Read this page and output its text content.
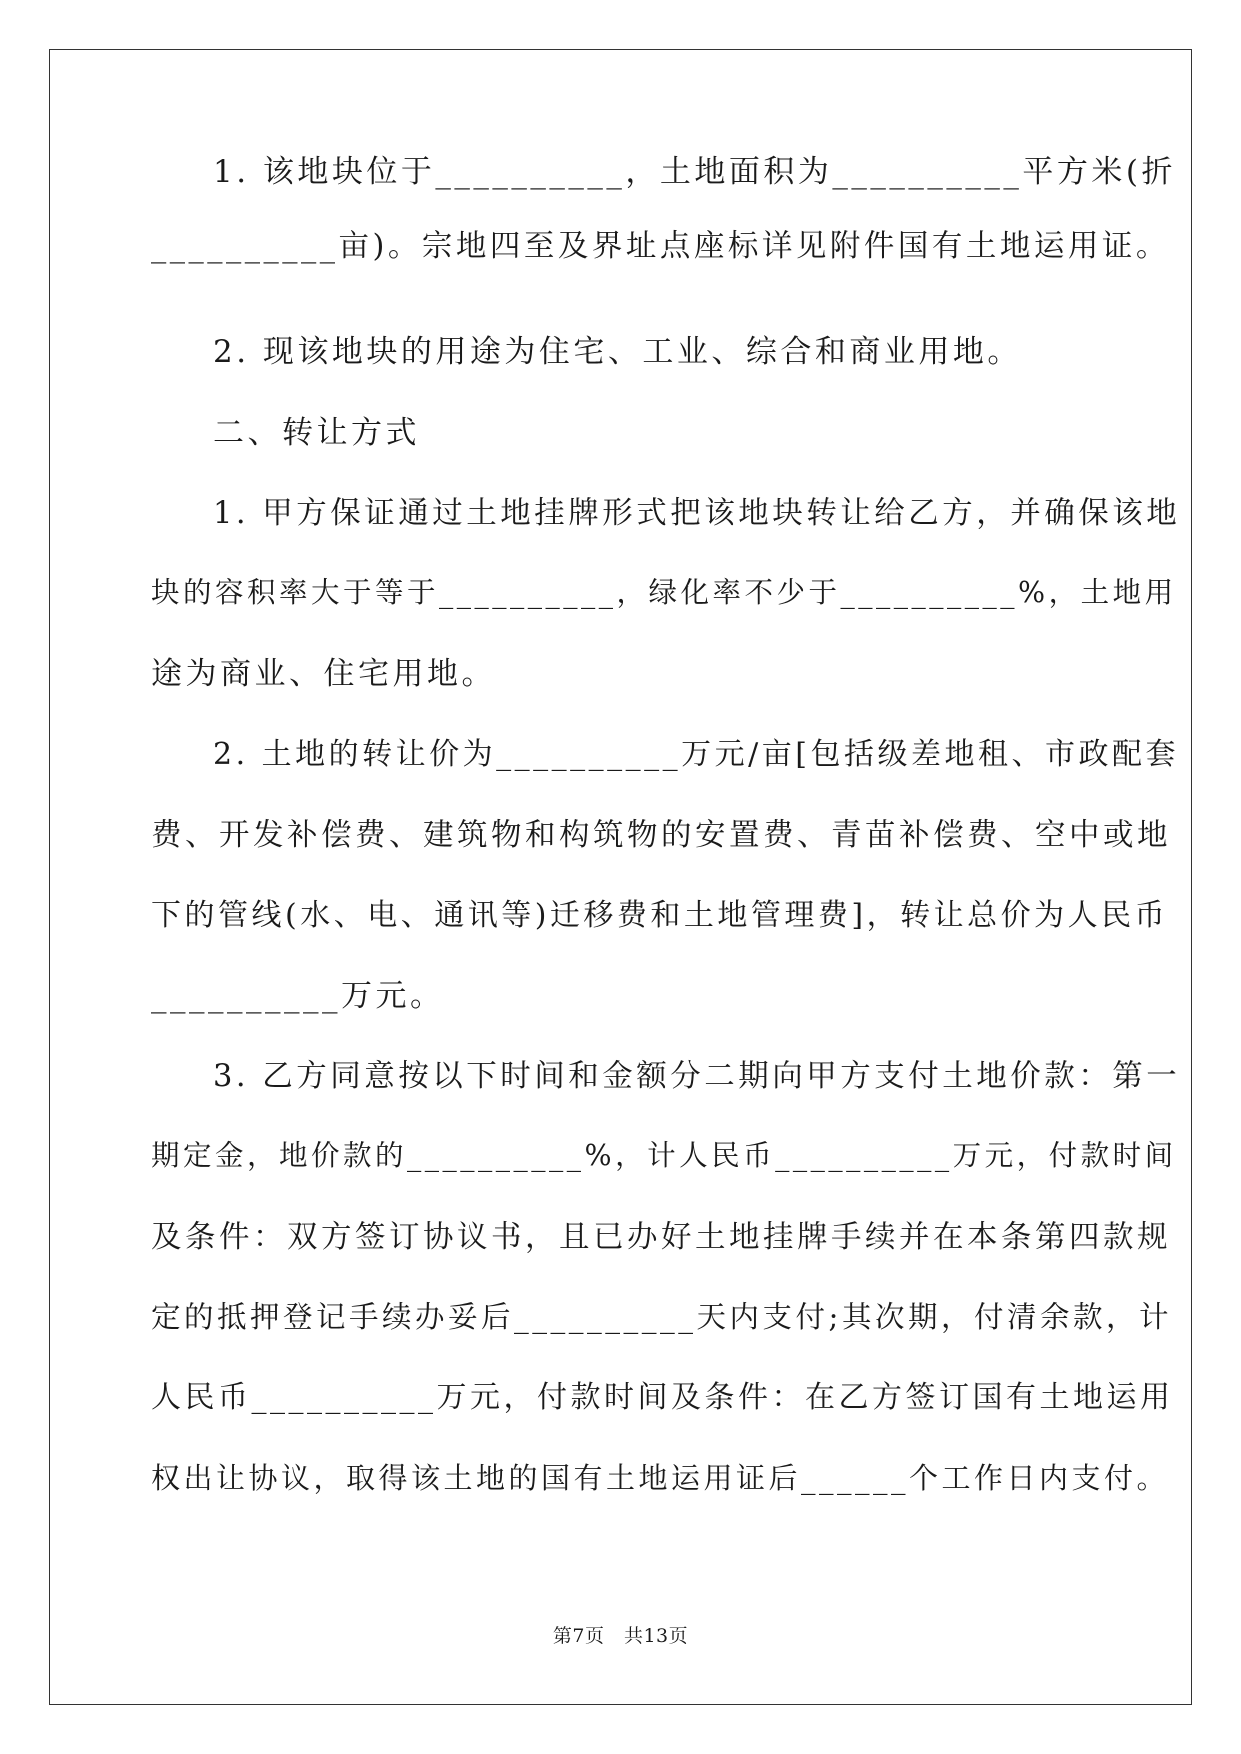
1. 该地块位于__________，土地面积为__________平方米(折
__________亩)。宗地四至及界址点座标详见附件国有土地运用证。
2. 现该地块的用途为住宅、工业、综合和商业用地。
二、转让方式
1. 甲方保证通过土地挂牌形式把该地块转让给乙方，并确保该地
块的容积率大于等于__________，绿化率不少于__________%，土地用
途为商业、住宅用地。
2. 土地的转让价为__________万元/亩[包括级差地租、市政配套
费、开发补偿费、建筑物和构筑物的安置费、青苗补偿费、空中或地
下的管线(水、电、通讯等)迁移费和土地管理费]，转让总价为人民币
__________万元。
3. 乙方同意按以下时间和金额分二期向甲方支付土地价款：第一
期定金，地价款的__________%，计人民币__________万元，付款时间
及条件：双方签订协议书，且已办好土地挂牌手续并在本条第四款规
定的抵押登记手续办妥后__________天内支付;其次期，付清余款，计
人民币__________万元，付款时间及条件：在乙方签订国有土地运用
权出让协议，取得该土地的国有土地运用证后______个工作日内支付。
第7页　共13页
